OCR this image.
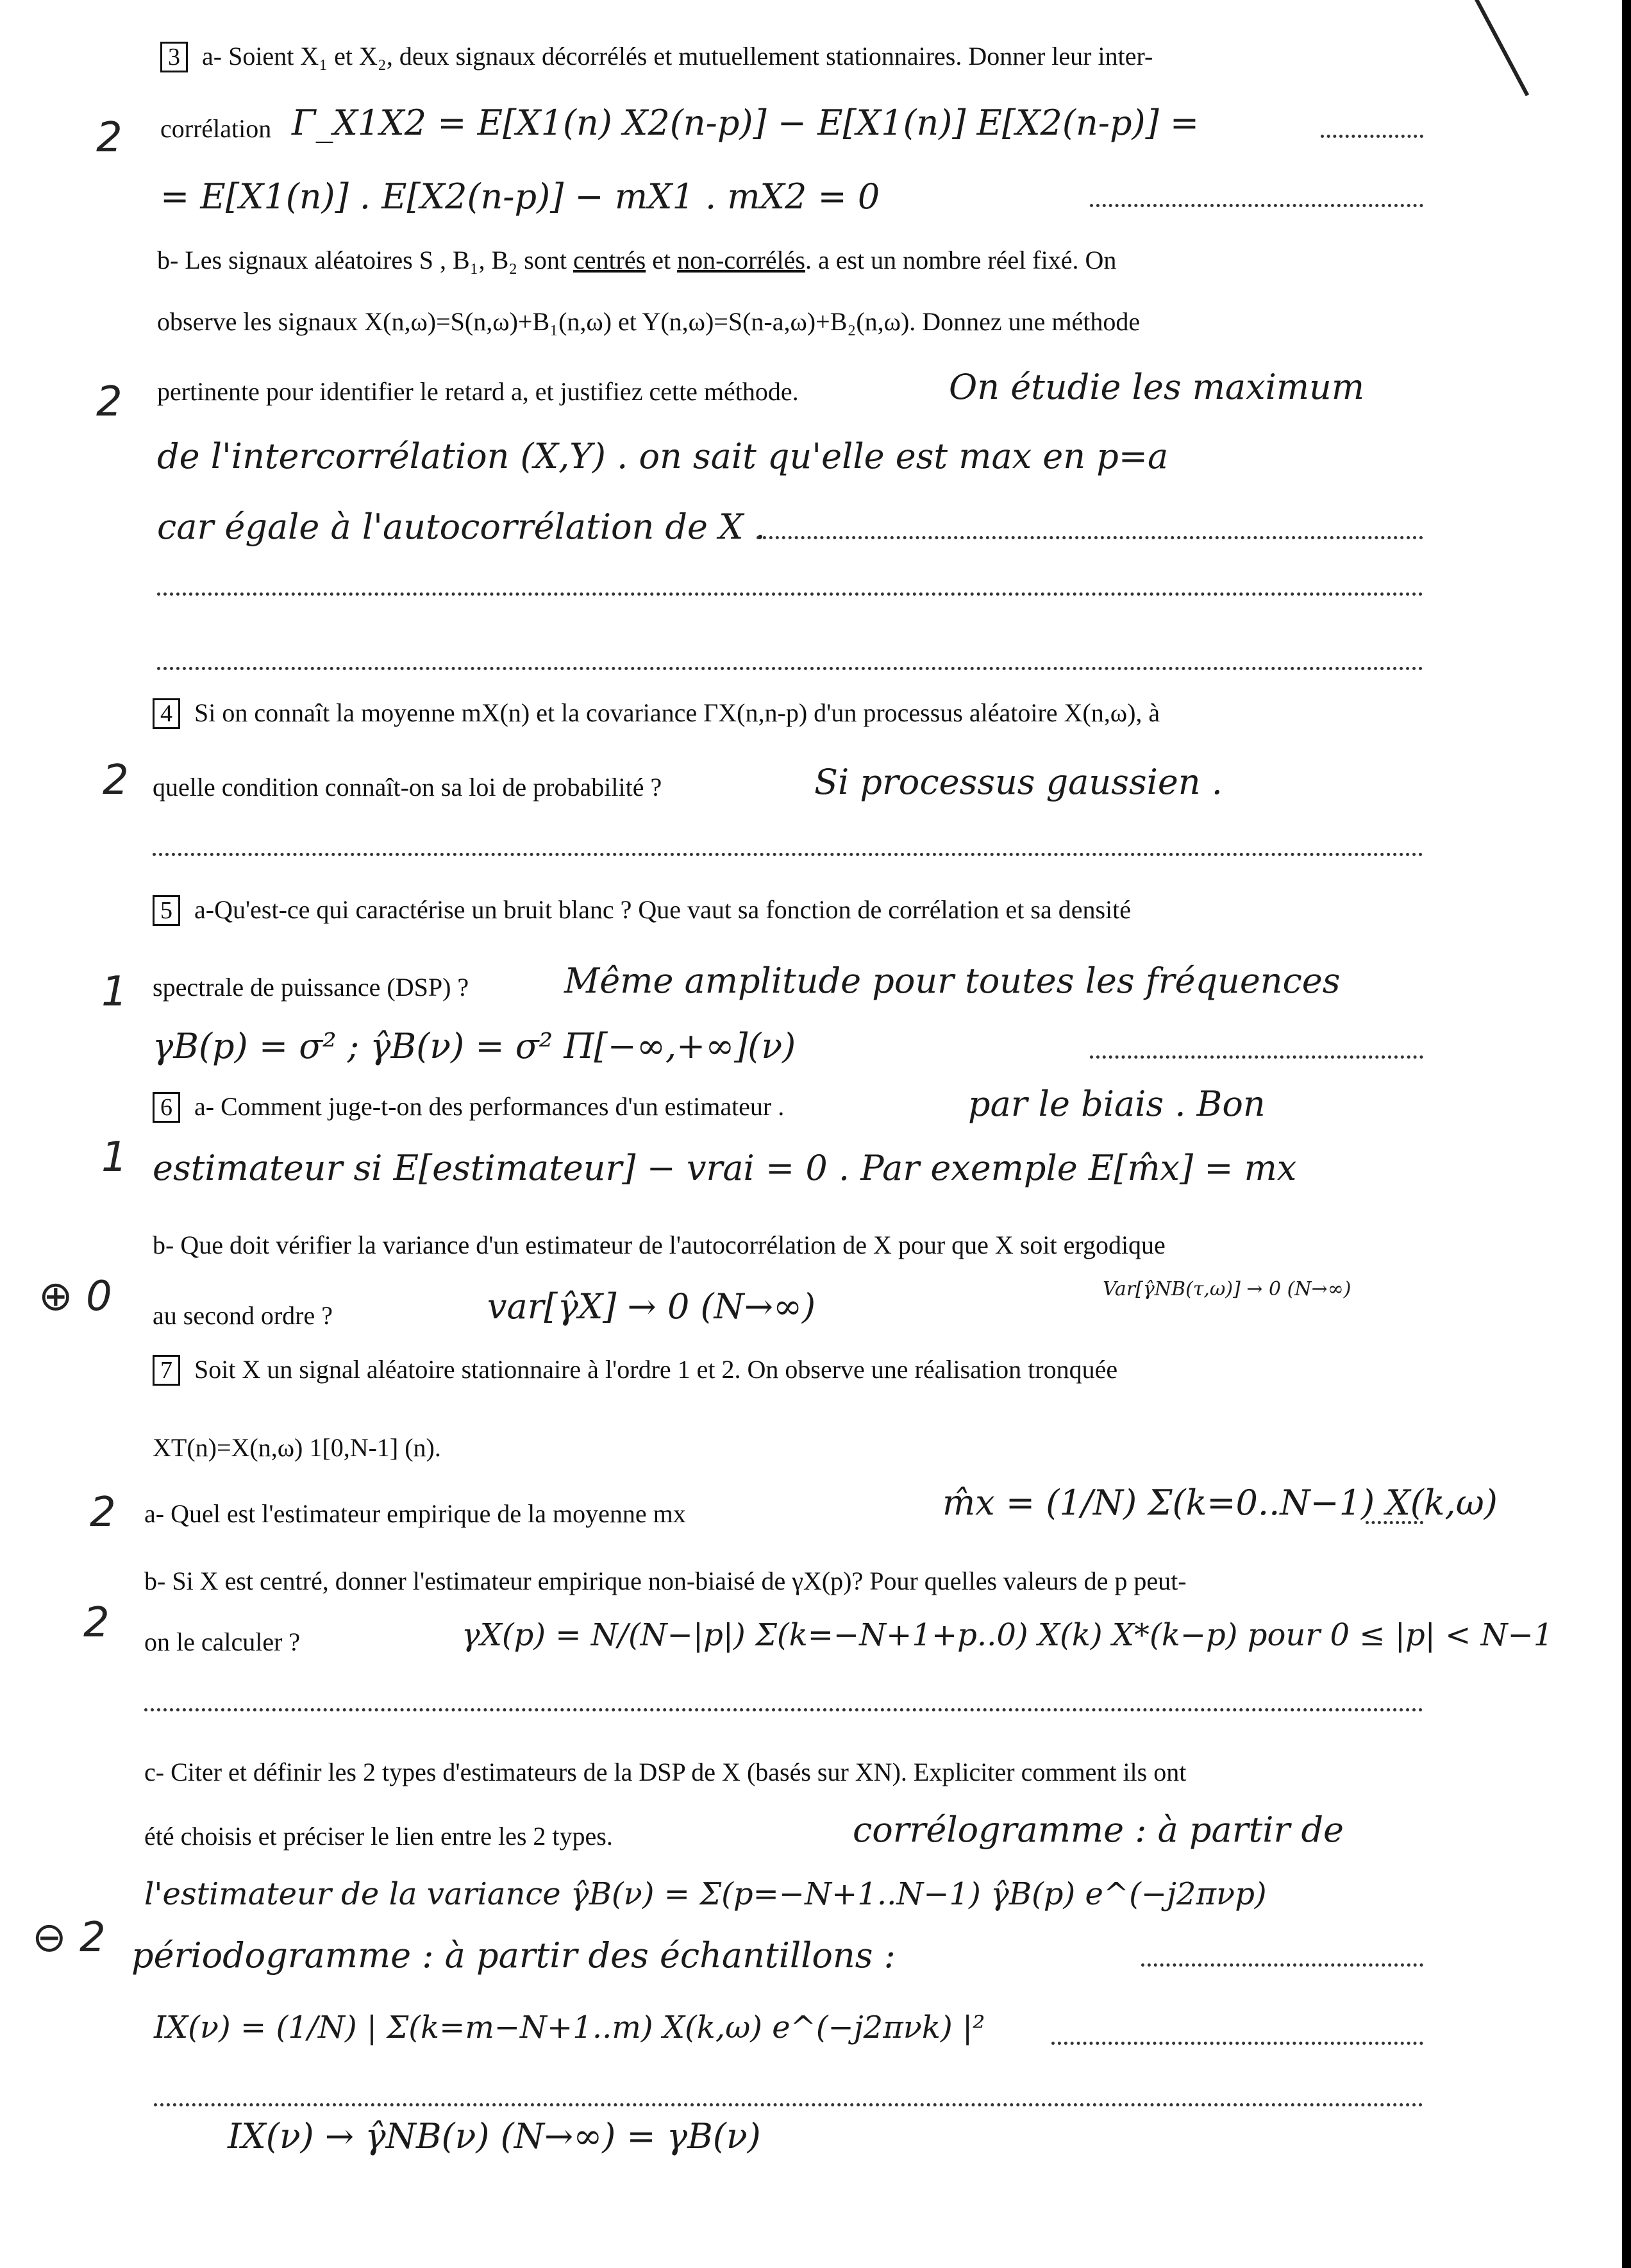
3 a- Soient X₁ et X₂, deux signaux décorrélés et mutuellement stationnaires. Donner leur inter-
2 corrélation Γ_X1X2 = E[X1(n) X2(n-p)] − E[X1(n)] E[X2(n-p)] =
= E[X1(n)] . E[X2(n-p)] − mX1 . mX2 = 0
b- Les signaux aléatoires S , B₁, B₂ sont centrés et non-corrélés. a est un nombre réel fixé. On
observe les signaux X(n,ω)=S(n,ω)+B₁(n,ω) et Y(n,ω)=S(n-a,ω)+B₂(n,ω). Donnez une méthode
2 pertinente pour identifier le retard a, et justifiez cette méthode.	On étudie les maximum
de l'intercorrélation (X,Y) . on sait qu'elle est max en p=a
car égale à l'autocorrélation de X .
4 Si on connaît la moyenne mX(n) et la covariance ΓX(n,n-p) d'un processus aléatoire X(n,ω), à
2 quelle condition connaît-on sa loi de probabilité ?	Si processus gaussien .
5 a-Qu'est-ce qui caractérise un bruit blanc ? Que vaut sa fonction de corrélation et sa densité
1 spectrale de puissance (DSP) ?	Même amplitude pour toutes les fréquences
γB(p) = σ² ; γ̂B(ν) = σ² Π[−∞,+∞](ν)
6 a- Comment juge-t-on des performances d'un estimateur .	par le biais . Bon
1 estimateur si E[estimateur] − vrai = 0 . Par exemple E[m̂x] = mx
b- Que doit vérifier la variance d'un estimateur de l'autocorrélation de X pour que X soit ergodique
⊕ 0 au second ordre ?	var[γ̂X] → 0 (N→∞)	Var[γ̂NB(τ,ω)] → 0 (N→∞)
7 Soit X un signal aléatoire stationnaire à l'ordre 1 et 2. On observe une réalisation tronquée
XT(n)=X(n,ω) 1[0,N-1] (n).
2 a- Quel est l'estimateur empirique de la moyenne mx	m̂x = (1/N) Σ(k=0..N−1) X(k,ω)
b- Si X est centré, donner l'estimateur empirique non-biaisé de γX(p)? Pour quelles valeurs de p peut-
2 on le calculer ?	γX(p) = N/(N−|p|) Σ(k=−N+1+p..0) X(k) X*(k−p) pour 0 ≤ |p| < N−1
c- Citer et définir les 2 types d'estimateurs de la DSP de X (basés sur XN). Expliciter comment ils ont
été choisis et préciser le lien entre les 2 types.	corrélogramme : à partir de
l'estimateur de la variance γ̂B(ν) = Σ(p=−N+1..N−1) γ̂B(p) e^(−j2πνp)
⊖ 2 périodogramme : à partir des échantillons :
IX(ν) = (1/N) | Σ(k=m−N+1..m) X(k,ω) e^(−j2πνk) |²
IX(ν) → γ̂NB(ν) (N→∞) = γB(ν)
